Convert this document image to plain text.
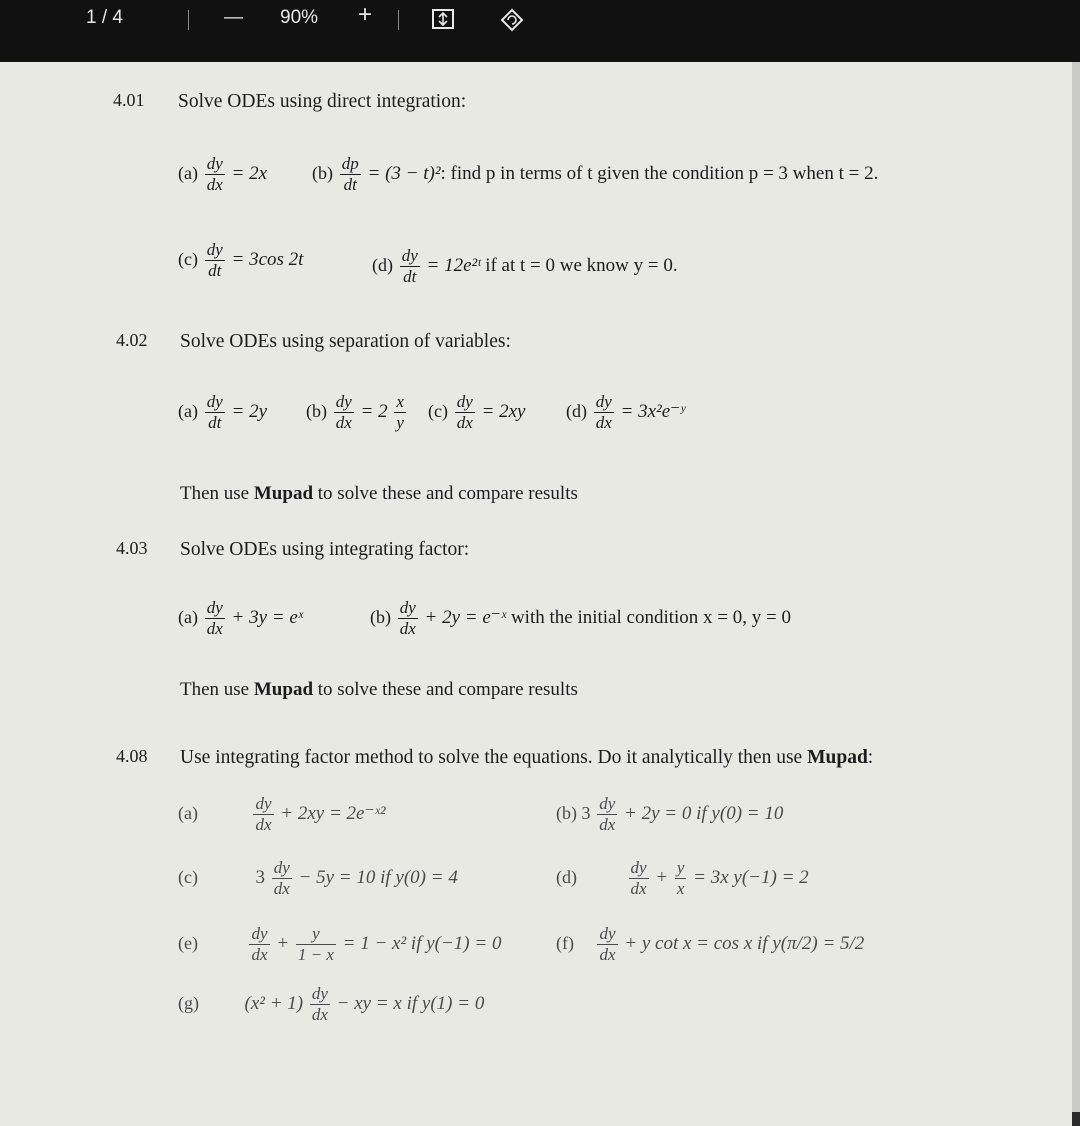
1 / 4	— 90% +
4.01 Solve ODEs using direct integration:
$(a) \frac{dy}{dx} = 2x$ $(b) \frac{dp}{dt} = (3 - t)^2$: find p in terms of t given the condition p = 3 when t = 2.
$(c) \frac{dy}{dt} = 3\cos$ 2t	$(d) \frac{dy}{dt}$ = 12e²ᵗ if at t = 0 we know y = 0.
4.02 Solve ODEs using separation of variables:
$(a) \frac{dy}{dt} = 2y$ $(b) \frac{dy}{dx} = 2 \frac{x}{y} (c) \frac{dy}{dx} = 2xy$ $(d) \frac{dy}{dx}$ = 3x²e⁻ʸ
Then use Mupad to solve these and compare results
4.03 Solve ODEs using integrating factor:
$(a) \frac{dy}{dx} + 3y$ = eˣ	$(b) \frac{dy}{dx} + 2y$ = e⁻ˣ with the initial condition x = 0, y = 0
Then use Mupad to solve these and compare results
4.08 Use integrating factor method to solve the equations. Do it analytically then use Mupad:
(a)	$\frac{dy}{dx} + 2xy$ = 2e⁻ˣ²	(b) $3 \frac{dy}{dx} + 2y = 0$ if y(0) = 10
(c)	$3 \frac{dy}{dx} - 5y = 10$ if y(0) = 4	(d)	$\frac{dy}{dx} + \frac{y}{x} = 3x$ y(−1) = 2
(e)	$\frac{dy}{dx} + \frac{y}{1 - x} = 1 - x^2$ if y(−1) = 0	$(f) \frac{dy}{dx} + y$ cot x = cos x if y(π/2) = 5/2
(g) $(x^2 + 1) \frac{dy}{dx}$ − xy = x if y(1) = 0
